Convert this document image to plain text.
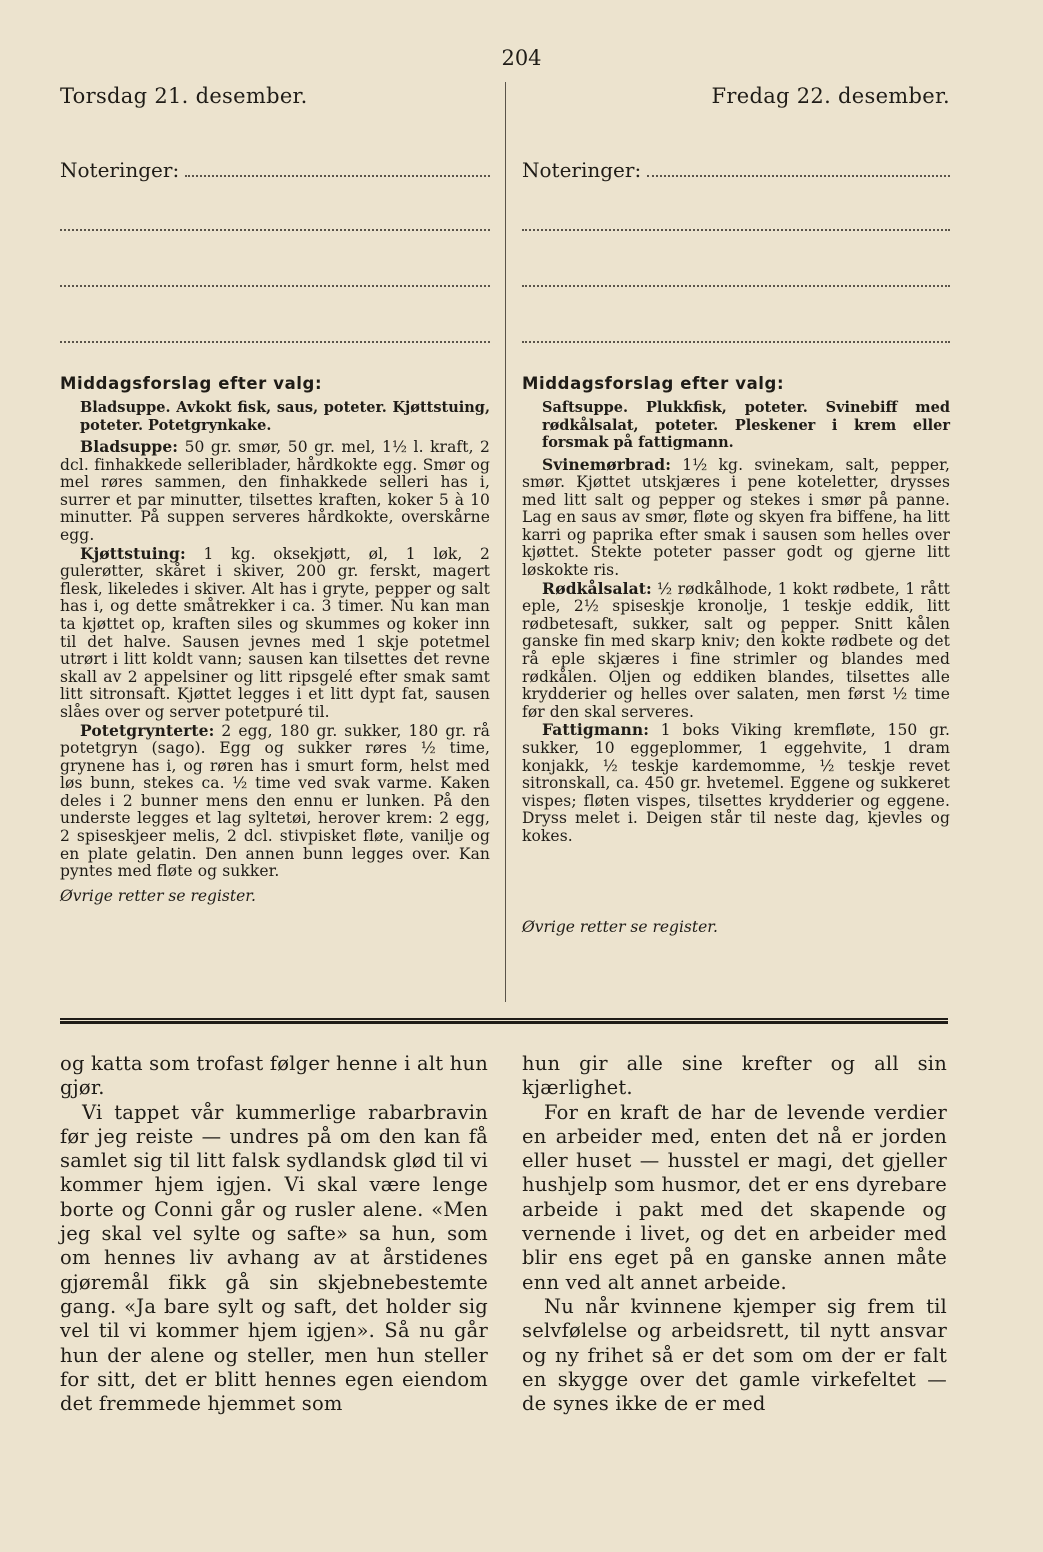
204
Torsdag 21. desember.
Noteringer:
Middagsforslag efter valg:
Bladsuppe. Avkokt fisk, saus, poteter. Kjøttstuing, poteter. Potetgrynkake.

Bladsuppe: 50 gr. smør, 50 gr. mel, 1½ l. kraft, 2 dcl. finhakkede selleriblader, hårdkokte egg. Smør og mel røres sammen, den finhakkede selleri has i, surrer et par minutter, tilsettes kraften, koker 5 à 10 minutter. På suppen serveres hårdkokte, overskårne egg.

Kjøttstuing: 1 kg. oksekjøtt, øl, 1 løk, 2 gulerøtter, skåret i skiver, 200 gr. ferskt, magert flesk, likeledes i skiver. Alt has i gryte, pepper og salt has i, og dette småtrekker i ca. 3 timer. Nu kan man ta kjøttet op, kraften siles og skummes og koker inn til det halve. Sausen jevnes med 1 skje potetmel utrørt i litt koldt vann; sausen kan tilsettes det revne skall av 2 appelsiner og litt ripsgelé efter smak samt litt sitronsaft. Kjøttet legges i et litt dypt fat, sausen slåes over og server potetpuré til.

Potetgrynterte: 2 egg, 180 gr. sukker, 180 gr. rå potetgryn (sago). Egg og sukker røres ½ time, grynene has i, og røren has i smurt form, helst med løs bunn, stekes ca. ½ time ved svak varme. Kaken deles i 2 bunner mens den ennu er lunken. På den underste legges et lag syltetøi, herover krem: 2 egg, 2 spiseskjeer melis, 2 dcl. stivpisket fløte, vanilje og en plate gelatin. Den annen bunn legges over. Kan pyntes med fløte og sukker.

Øvrige retter se register.
Fredag 22. desember.
Noteringer:
Middagsforslag efter valg:
Saftsuppe. Plukkfisk, poteter. Svinebiff med rødkålsalat, poteter. Pleskener i krem eller forsmak på fattigmann.

Svinemørbrad: 1½ kg. svinekam, salt, pepper, smør. Kjøttet utskjæres i pene koteletter, drysses med litt salt og pepper og stekes i smør på panne. Lag en saus av smør, fløte og skyen fra biffene, ha litt karri og paprika efter smak i sausen som helles over kjøttet. Stekte poteter passer godt og gjerne litt løskokte ris.

Rødkålsalat: ½ rødkålhode, 1 kokt rødbete, 1 rått eple, 2½ spiseskje kronolje, 1 teskje eddik, litt rødbetesaft, sukker, salt og pepper. Snitt kålen ganske fin med skarp kniv; den kokte rødbete og det rå eple skjæres i fine strimler og blandes med rødkålen. Oljen og eddiken blandes, tilsettes alle krydderier og helles over salaten, men først ½ time før den skal serveres.

Fattigmann: 1 boks Viking kremfløte, 150 gr. sukker, 10 eggeplommer, 1 eggehvite, 1 dram konjakk, ½ teskje kardemomme, ½ teskje revet sitronskall, ca. 450 gr. hvetemel. Eggene og sukkeret vispes; fløten vispes, tilsettes krydderier og eggene. Dryss melet i. Deigen står til neste dag, kjevles og kokes.

Øvrige retter se register.

og katta som trofast følger henne i alt hun gjør.

Vi tappet vår kummerlige rabarbravin før jeg reiste — undres på om den kan få samlet sig til litt falsk sydlandsk glød til vi kommer hjem igjen. Vi skal være lenge borte og Conni går og rusler alene. «Men jeg skal vel sylte og safte» sa hun, som om hennes liv avhang av at årstidenes gjøremål fikk gå sin skjebnebestemte gang. «Ja bare sylt og saft, det holder sig vel til vi kommer hjem igjen». Så nu går hun der alene og steller, men hun steller for sitt, det er blitt hennes egen eiendom det fremmede hjemmet som

hun gir alle sine krefter og all sin kjærlighet.

For en kraft de har de levende verdier en arbeider med, enten det nå er jorden eller huset — husstel er magi, det gjeller hushjelp som husmor, det er ens dyrebare arbeide i pakt med det skapende og vernende i livet, og det en arbeider med blir ens eget på en ganske annen måte enn ved alt annet arbeide.

Nu når kvinnene kjemper sig frem til selvfølelse og arbeidsrett, til nytt ansvar og ny frihet så er det som om der er falt en skygge over det gamle virkefeltet — de synes ikke de er med
